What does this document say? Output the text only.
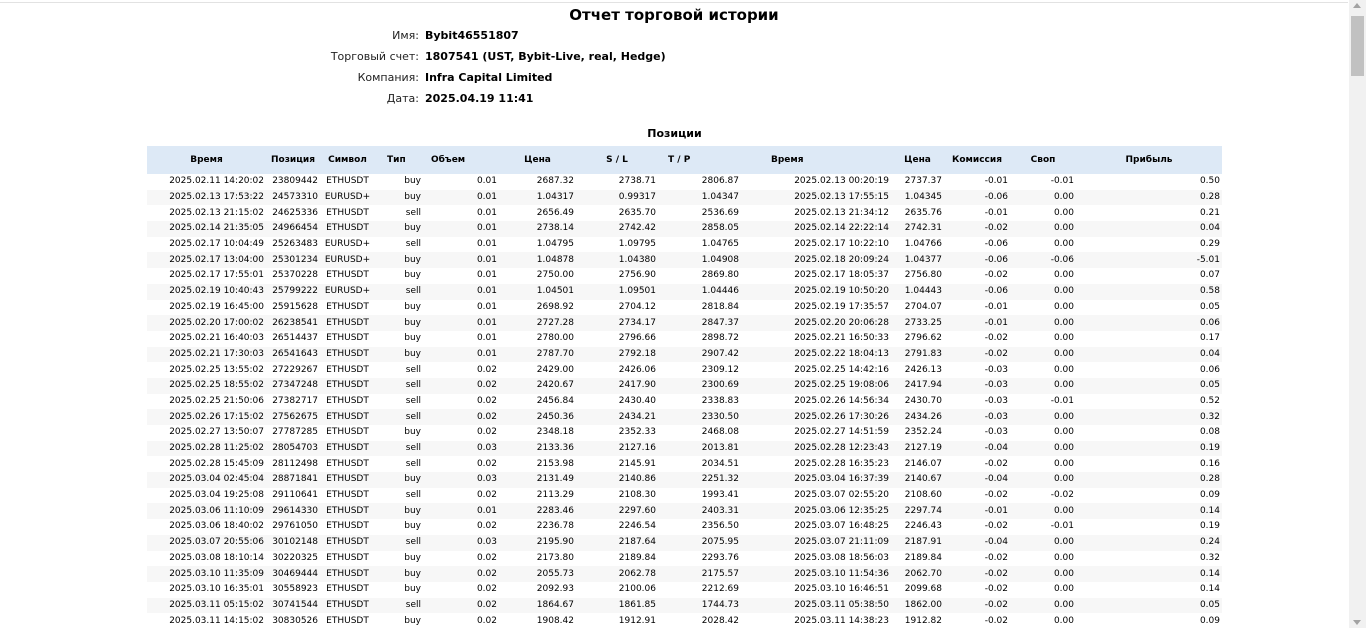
Отчет торговой истории
Имя: Bybit46551807
Торговый счет: 1807541 (UST, Bybit-Live, real, Hedge)
Компания: Infra Capital Limited
Дата: 2025.04.19 11:41
Позиции
Время	Позиция	Символ	Тип	Объем	Цена	S / L	T / P	Время	Цена	Комиссия	Своп	Прибыль
2025.02.11 14:20:02	23809442	ETHUSDT	buy	0.01	2687.32	2738.71	2806.87	2025.02.13 00:20:19	2737.37	-0.01	-0.01	0.50
2025.02.13 17:53:22	24573310	EURUSD+	buy	0.01	1.04317	0.99317	1.04347	2025.02.13 17:55:15	1.04345	-0.06	0.00	0.28
2025.02.13 21:15:02	24625336	ETHUSDT	sell	0.01	2656.49	2635.70	2536.69	2025.02.13 21:34:12	2635.76	-0.01	0.00	0.21
2025.02.14 21:35:05	24966454	ETHUSDT	buy	0.01	2738.14	2742.42	2858.05	2025.02.14 22:22:14	2742.31	-0.02	0.00	0.04
2025.02.17 10:04:49	25263483	EURUSD+	sell	0.01	1.04795	1.09795	1.04765	2025.02.17 10:22:10	1.04766	-0.06	0.00	0.29
2025.02.17 13:04:00	25301234	EURUSD+	buy	0.01	1.04878	1.04380	1.04908	2025.02.18 20:09:24	1.04377	-0.06	-0.06	-5.01
2025.02.17 17:55:01	25370228	ETHUSDT	buy	0.01	2750.00	2756.90	2869.80	2025.02.17 18:05:37	2756.80	-0.02	0.00	0.07
2025.02.19 10:40:43	25799222	EURUSD+	sell	0.01	1.04501	1.09501	1.04446	2025.02.19 10:50:20	1.04443	-0.06	0.00	0.58
2025.02.19 16:45:00	25915628	ETHUSDT	buy	0.01	2698.92	2704.12	2818.84	2025.02.19 17:35:57	2704.07	-0.01	0.00	0.05
2025.02.20 17:00:02	26238541	ETHUSDT	buy	0.01	2727.28	2734.17	2847.37	2025.02.20 20:06:28	2733.25	-0.01	0.00	0.06
2025.02.21 16:40:03	26514437	ETHUSDT	buy	0.01	2780.00	2796.66	2898.72	2025.02.21 16:50:33	2796.62	-0.02	0.00	0.17
2025.02.21 17:30:03	26541643	ETHUSDT	buy	0.01	2787.70	2792.18	2907.42	2025.02.22 18:04:13	2791.83	-0.02	0.00	0.04
2025.02.25 13:55:02	27229267	ETHUSDT	sell	0.02	2429.00	2426.06	2309.12	2025.02.25 14:42:16	2426.13	-0.03	0.00	0.06
2025.02.25 18:55:02	27347248	ETHUSDT	sell	0.02	2420.67	2417.90	2300.69	2025.02.25 19:08:06	2417.94	-0.03	0.00	0.05
2025.02.25 21:50:06	27382717	ETHUSDT	sell	0.02	2456.84	2430.40	2338.83	2025.02.26 14:56:34	2430.70	-0.03	-0.01	0.52
2025.02.26 17:15:02	27562675	ETHUSDT	sell	0.02	2450.36	2434.21	2330.50	2025.02.26 17:30:26	2434.26	-0.03	0.00	0.32
2025.02.27 13:50:07	27787285	ETHUSDT	buy	0.02	2348.18	2352.33	2468.08	2025.02.27 14:51:59	2352.24	-0.03	0.00	0.08
2025.02.28 11:25:02	28054703	ETHUSDT	sell	0.03	2133.36	2127.16	2013.81	2025.02.28 12:23:43	2127.19	-0.04	0.00	0.19
2025.02.28 15:45:09	28112498	ETHUSDT	sell	0.02	2153.98	2145.91	2034.51	2025.02.28 16:35:23	2146.07	-0.02	0.00	0.16
2025.03.04 02:45:04	28871841	ETHUSDT	buy	0.03	2131.49	2140.86	2251.32	2025.03.04 16:37:39	2140.67	-0.04	0.00	0.28
2025.03.04 19:25:08	29110641	ETHUSDT	sell	0.02	2113.29	2108.30	1993.41	2025.03.07 02:55:20	2108.60	-0.02	-0.02	0.09
2025.03.06 11:10:09	29614330	ETHUSDT	buy	0.01	2283.46	2297.60	2403.31	2025.03.06 12:35:25	2297.74	-0.01	0.00	0.14
2025.03.06 18:40:02	29761050	ETHUSDT	buy	0.02	2236.78	2246.54	2356.50	2025.03.07 16:48:25	2246.43	-0.02	-0.01	0.19
2025.03.07 20:55:06	30102148	ETHUSDT	sell	0.03	2195.90	2187.64	2075.95	2025.03.07 21:11:09	2187.91	-0.04	0.00	0.24
2025.03.08 18:10:14	30220325	ETHUSDT	buy	0.02	2173.80	2189.84	2293.76	2025.03.08 18:56:03	2189.84	-0.02	0.00	0.32
2025.03.10 11:35:09	30469444	ETHUSDT	buy	0.02	2055.73	2062.78	2175.57	2025.03.10 11:54:36	2062.70	-0.02	0.00	0.14
2025.03.10 16:35:01	30558923	ETHUSDT	buy	0.02	2092.93	2100.06	2212.69	2025.03.10 16:46:51	2099.68	-0.02	0.00	0.14
2025.03.11 05:15:02	30741544	ETHUSDT	sell	0.02	1864.67	1861.85	1744.73	2025.03.11 05:38:50	1862.00	-0.02	0.00	0.05
2025.03.11 14:15:02	30830526	ETHUSDT	buy	0.02	1908.42	1912.91	2028.42	2025.03.11 14:38:23	1912.82	-0.02	0.00	0.09
